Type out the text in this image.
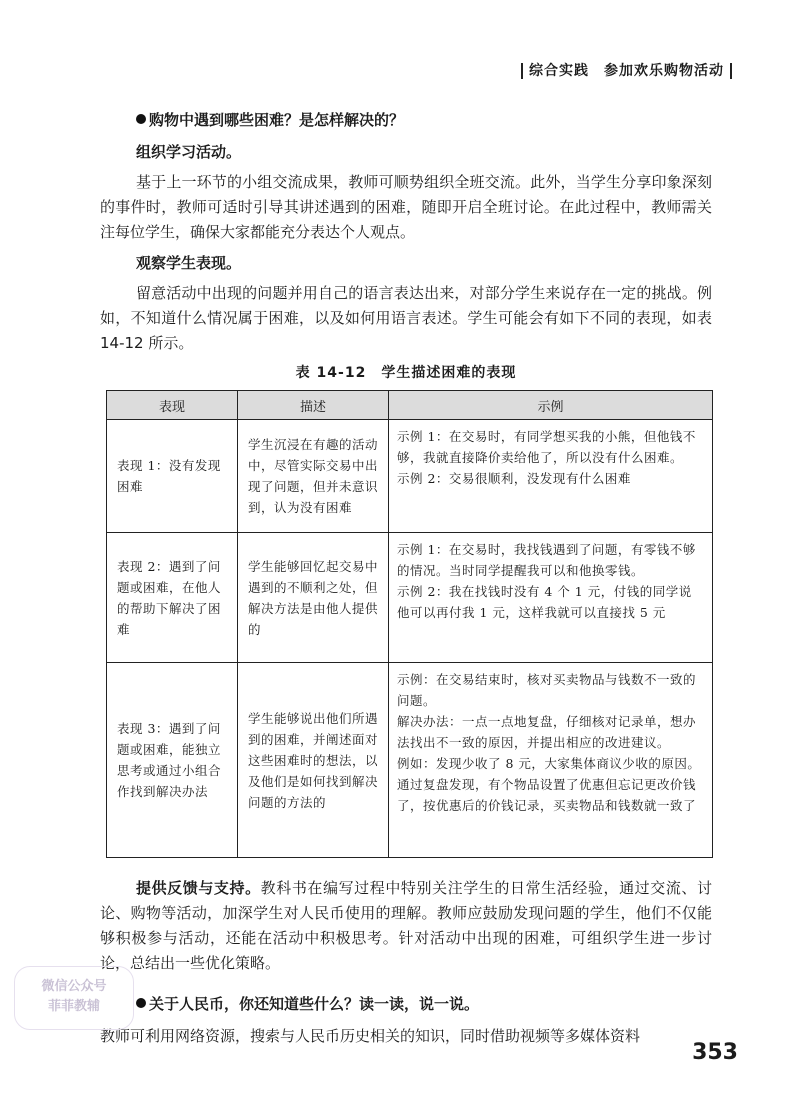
综合实践　参加欢乐购物活动
购物中遇到哪些困难？是怎样解决的？
组织学习活动。

基于上一环节的小组交流成果，教师可顺势组织全班交流。此外，当学生分享印象深刻的事件时，教师可适时引导其讲述遇到的困难，随即开启全班讨论。在此过程中，教师需关注每位学生，确保大家都能充分表达个人观点。

观察学生表现。

留意活动中出现的问题并用自己的语言表达出来，对部分学生来说存在一定的挑战。例如，不知道什么情况属于困难，以及如何用语言表述。学生可能会有如下不同的表现，如表 14-12 所示。

表 14-12　学生描述困难的表现
表现	描述	示例
表现 1：没有发现困难	学生沉浸在有趣的活动中，尽管实际交易中出现了问题，但并未意识到，认为没有困难	示例 1：在交易时，有同学想买我的小熊，但他钱不够，我就直接降价卖给他了，所以没有什么困难。
示例 2：交易很顺利，没发现有什么困难

表现 2：遇到了问题或困难，在他人的帮助下解决了困难	学生能够回忆起交易中遇到的不顺利之处，但解决方法是由他人提供的	示例 1：在交易时，我找钱遇到了问题，有零钱不够的情况。当时同学提醒我可以和他换零钱。
示例 2：我在找钱时没有 4 个 1 元，付钱的同学说他可以再付我 1 元，这样我就可以直接找 5 元

表现 3：遇到了问题或困难，能独立思考或通过小组合作找到解决办法	学生能够说出他们所遇到的困难，并阐述面对这些困难时的想法，以及他们是如何找到解决问题的方法的	示例：在交易结束时，核对买卖物品与钱数不一致的问题。
解决办法：一点一点地复盘，仔细核对记录单，想办法找出不一致的原因，并提出相应的改进建议。
例如：发现少收了 8 元，大家集体商议少收的原因。通过复盘发现，有个物品设置了优惠但忘记更改价钱了，按优惠后的价钱记录，买卖物品和钱数就一致了

提供反馈与支持。教科书在编写过程中特别关注学生的日常生活经验，通过交流、讨论、购物等活动，加深学生对人民币使用的理解。教师应鼓励发现问题的学生，他们不仅能够积极参与活动，还能在活动中积极思考。针对活动中出现的困难，可组织学生进一步讨论，总结出一些优化策略。

关于人民币，你还知道些什么？读一读，说一说。

教师可利用网络资源，搜索与人民币历史相关的知识，同时借助视频等多媒体资料

微信公众号
菲菲教辅
353
